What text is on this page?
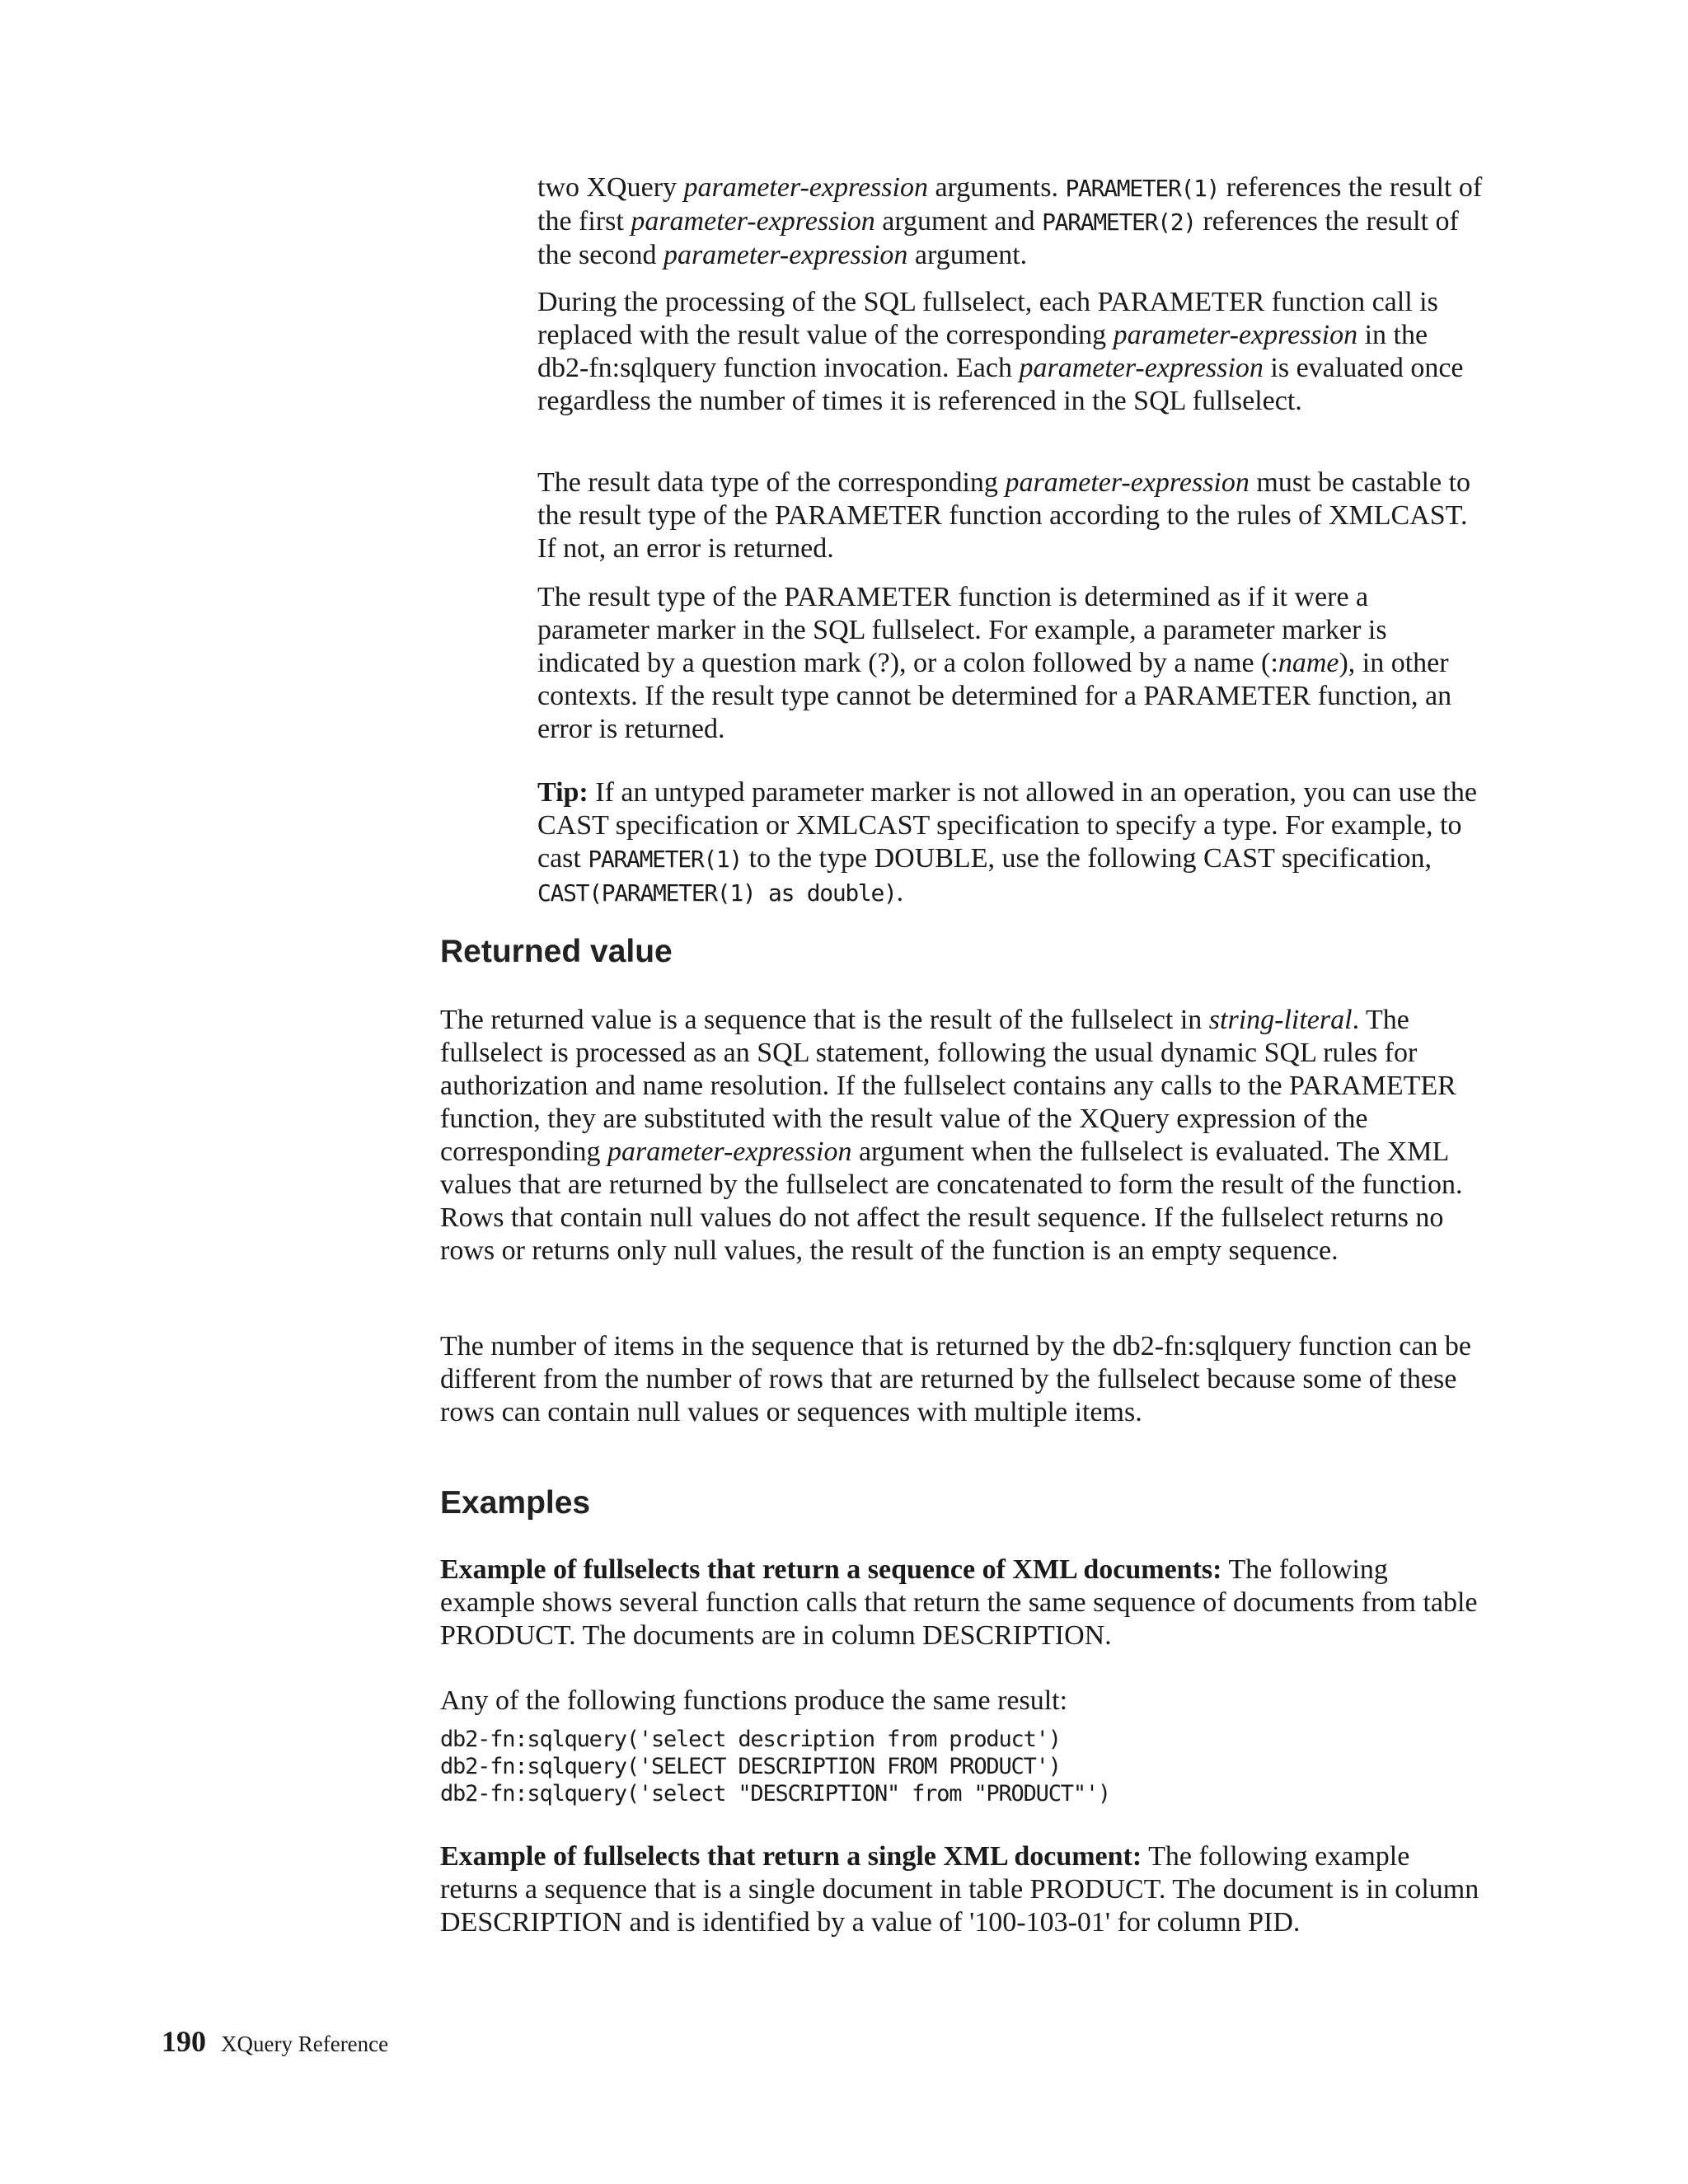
two XQuery parameter-expression arguments. PARAMETER(1) references the result of the first parameter-expression argument and PARAMETER(2) references the result of the second parameter-expression argument.

During the processing of the SQL fullselect, each PARAMETER function call is replaced with the result value of the corresponding parameter-expression in the db2-fn:sqlquery function invocation. Each parameter-expression is evaluated once regardless the number of times it is referenced in the SQL fullselect.

The result data type of the corresponding parameter-expression must be castable to the result type of the PARAMETER function according to the rules of XMLCAST. If not, an error is returned.

The result type of the PARAMETER function is determined as if it were a parameter marker in the SQL fullselect. For example, a parameter marker is indicated by a question mark (?), or a colon followed by a name (:name), in other contexts. If the result type cannot be determined for a PARAMETER function, an error is returned.

Tip: If an untyped parameter marker is not allowed in an operation, you can use the CAST specification or XMLCAST specification to specify a type. For example, to cast PARAMETER(1) to the type DOUBLE, use the following CAST specification, CAST(PARAMETER(1) as double).

Returned value

The returned value is a sequence that is the result of the fullselect in string-literal. The fullselect is processed as an SQL statement, following the usual dynamic SQL rules for authorization and name resolution. If the fullselect contains any calls to the PARAMETER function, they are substituted with the result value of the XQuery expression of the corresponding parameter-expression argument when the fullselect is evaluated. The XML values that are returned by the fullselect are concatenated to form the result of the function. Rows that contain null values do not affect the result sequence. If the fullselect returns no rows or returns only null values, the result of the function is an empty sequence.

The number of items in the sequence that is returned by the db2-fn:sqlquery function can be different from the number of rows that are returned by the fullselect because some of these rows can contain null values or sequences with multiple items.

Examples

Example of fullselects that return a sequence of XML documents: The following example shows several function calls that return the same sequence of documents from table PRODUCT. The documents are in column DESCRIPTION.

Any of the following functions produce the same result:

db2-fn:sqlquery('select description from product')
db2-fn:sqlquery('SELECT DESCRIPTION FROM PRODUCT')
db2-fn:sqlquery('select "DESCRIPTION" from "PRODUCT"')

Example of fullselects that return a single XML document: The following example returns a sequence that is a single document in table PRODUCT. The document is in column DESCRIPTION and is identified by a value of '100-103-01' for column PID.

190 XQuery Reference
